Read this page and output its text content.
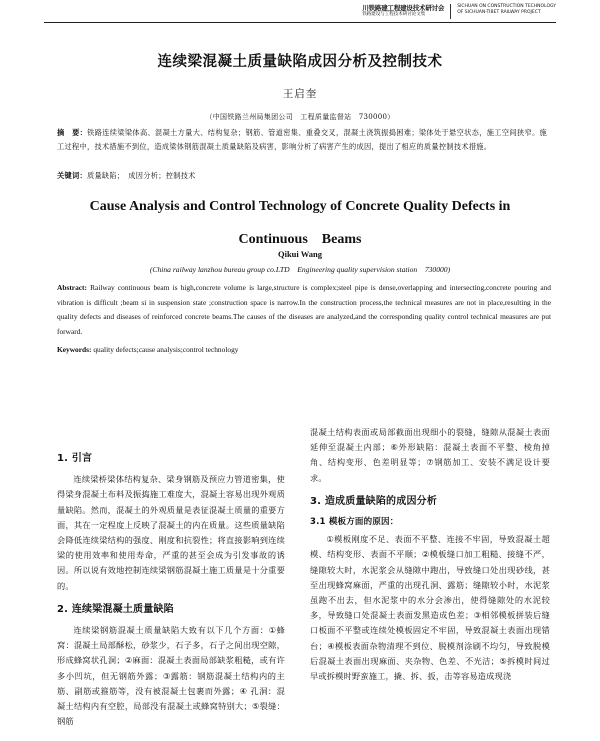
川铁路建工程建设技术研讨会
铁路建设与工程技术研讨论文集
SICHUAN ON CONSTRUCTION TECHNOLOGY
OF SICHUAN-TIBET RAILWAY PROJECT
连续梁混凝土质量缺陷成因分析及控制技术
王启奎
（中国铁路兰州局集团公司　工程质量监督站　730000）
摘　要：铁路连续梁梁体高、混凝土方量大、结构复杂；钢筋、管道密集、重叠交叉，混凝土浇筑振捣困难；梁体处于悬空状态，施工空间狭窄。施工过程中，技术措施不到位，造成梁体钢筋混凝土质量缺陷及病害，影响分析了病害产生的成因，提出了相应的质量控制技术措施。
关键词：质量缺陷；　成因分析；控制技术
Cause Analysis and Control Technology of Concrete Quality Defects in
Continuous　Beams
Qikui Wang
(China railway lanzhou bureau group co.LTD　Engineering quality supervision station　730000)
Abstract: Railway continuous beam is high,concrete volume is large,structure is complex;steel pipe is dense,overlapping and intersecting,concrete pouring and vibration is difficult ;beam si in suspension state ;construction space is narrow.In the construction process,the technical measures are not in place,resulting in the quality defects and diseases of reinforced concrete beams.The causes of the diseases are analyzed,and the corresponding quality control technical measures are put forward.
Keywords: quality defects;cause analysis;control technology

1. 引言

连续梁桥梁体结构复杂、梁身钢筋及预应力管道密集，使得梁身混凝土布料及振捣施工难度大，混凝土容易出现外观质量缺陷。然而，混凝土的外观质量是表征混凝土质量的重要方面，其在一定程度上反映了混凝土的内在质量。这些质量缺陷会降低连续梁结构的强度、刚度和抗裂性；将直接影响到连续梁的使用效率和使用寿命，严重的甚至会成为引发事故的诱因。所以说有效地控制连续梁钢筋混凝土施工质量是十分重要的。

2. 连续梁混凝土质量缺陷

连续梁钢筋混凝土质量缺陷大致有以下几个方面：①蜂窝：混凝土局部酥松，砂浆少，石子多，石子之间出现空隙，形成蜂窝状孔洞；②麻面：混凝土表面局部缺浆粗糙，或有许多小凹坑，但无钢筋外露；③露筋：钢筋混凝土结构内的主筋、副筋或箍筋等，没有被混凝土包裹而外露；④ 孔洞：混凝土结构内有空腔，局部没有混凝土或蜂窝特别大；⑤裂缝：钢筋

混凝土结构表面或局部截面出现细小的裂缝，缝隙从混凝土表面延伸至混凝土内部；⑥外形缺陷：混凝土表面不平整、棱角掉角、结构变形、色差明显等；⑦钢筋加工、安装不满足设计要求。

3. 造成质量缺陷的成因分析

3.1 模板方面的原因：

①模板刚度不足、表面不平整、连接不牢固，导致混凝土超模、结构变形、表面不平顺；②模板缝口加工粗糙、接缝不严，缝隙较大时，水泥浆会从缝隙中跑出，导致缝口处出现砂线，甚至出现蜂窝麻面，严重的出现孔洞、露筋；缝隙较小时，水泥浆虽跑不出去，但水泥浆中的水分会渗出，使得缝隙处的水泥较多，导致缝口处混凝土表面发黑造成色差；③相邻模板拼装后缝口板面不平整或连续处模板固定不牢固，导致混凝土表面出现错台；④模板表面杂物清理不到位、脱模剂涂刷不均匀，导致脱模后混凝土表面出现麻面、夹杂物、色差、不光洁；⑤拆模时间过早或拆模时野蛮施工，撬、拆、扳，击等容易造成现浇
